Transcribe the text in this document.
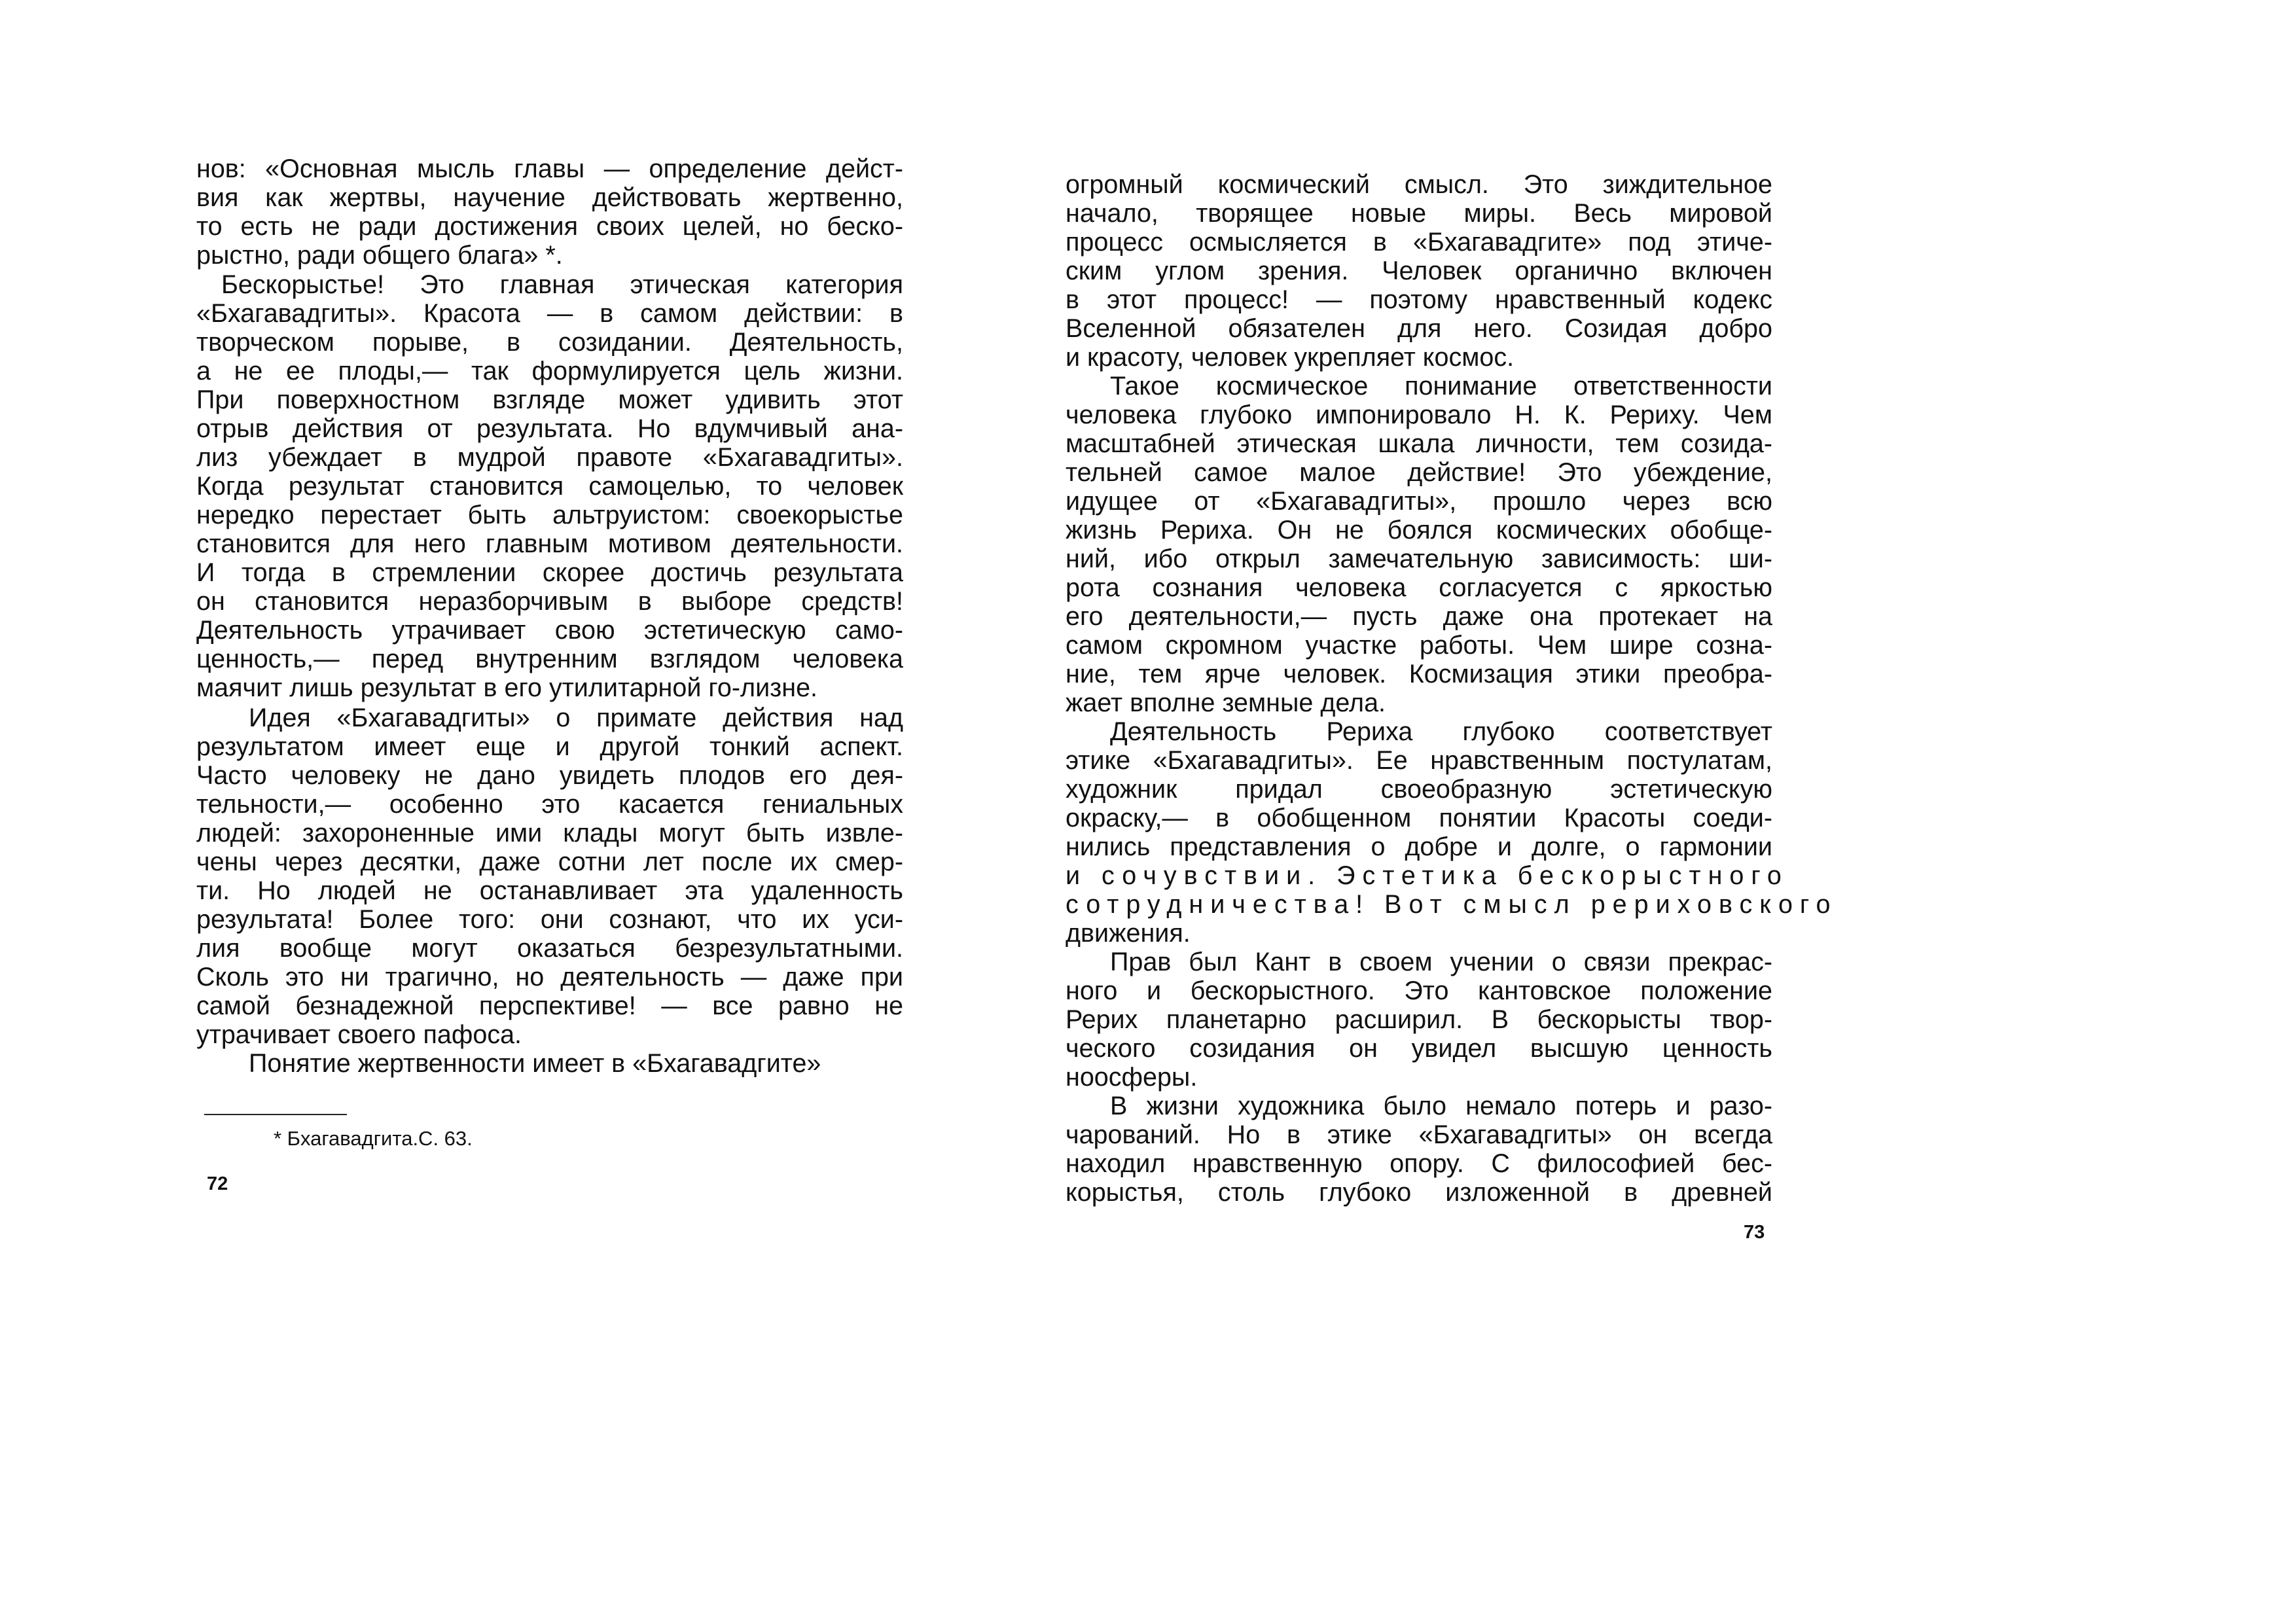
нов: «Основная мысль главы — определение дейст-
вия как жертвы, научение действовать жертвенно,
то есть не ради достижения своих целей, но беско-
рыстно, ради общего блага» *.
Бескорыстье! Это главная этическая категория
«Бхагавадгиты». Красота — в самом действии: в
творческом порыве, в созидании. Деятельность,
а не ее плоды,— так формулируется цель жизни.
При поверхностном взгляде может удивить этот
отрыв действия от результата. Но вдумчивый ана-
лиз убеждает в мудрой правоте «Бхагавадгиты».
Когда результат становится самоцелью, то человек
нередко перестает быть альтруистом: своекорыстье
становится для него главным мотивом деятельности.
И тогда в стремлении скорее достичь результата
он становится неразборчивым в выборе средств!
Деятельность утрачивает свою эстетическую само-
ценность,— перед внутренним взглядом человека
маячит лишь результат в его утилитарной го-лизне.
Идея «Бхагавадгиты» о примате действия над
результатом имеет еще и другой тонкий аспект.
Часто человеку не дано увидеть плодов его дея-
тельности,— особенно это касается гениальных
людей: захороненные ими клады могут быть извле-
чены через десятки, даже сотни лет после их смер-
ти. Но людей не останавливает эта удаленность
результата! Более того: они сознают, что их уси-
лия вообще могут оказаться безрезультатными.
Сколь это ни трагично, но деятельность — даже при
самой безнадежной перспективе! — все равно не
утрачивает своего пафоса.
Понятие жертвенности имеет в «Бхагавадгите»
огромный космический смысл. Это зиждительное
начало, творящее новые миры. Весь мировой
процесс осмысляется в «Бхагавадгите» под этиче-
ским углом зрения. Человек органично включен
в этот процесс! — поэтому нравственный кодекс
Вселенной обязателен для него. Созидая добро
и красоту, человек укрепляет космос.
Такое космическое понимание ответственности
человека глубоко импонировало Н. К. Рериху. Чем
масштабней этическая шкала личности, тем созида-
тельней самое малое действие! Это убеждение,
идущее от «Бхагавадгиты», прошло через всю
жизнь Рериха. Он не боялся космических обобще-
ний, ибо открыл замечательную зависимость: ши-
рота сознания человека согласуется с яркостью
его деятельности,— пусть даже она протекает на
самом скромном участке работы. Чем шире созна-
ние, тем ярче человек. Космизация этики преобра-
жает вполне земные дела.
Деятельность Рериха глубоко соответствует
этике «Бхагавадгиты». Ее нравственным постулатам,
художник придал своеобразную эстетическую
окраску,— в обобщенном понятии Красоты соеди-
нились представления о добре и долге, о гармонии
и сочувствии. Эстетика бескорыстного
сотрудничества! Вот смысл рериховского
движения.
Прав был Кант в своем учении о связи прекрас-
ного и бескорыстного. Это кантовское положение
Рерих планетарно расширил. В бескорысты твор-
ческого созидания он увидел высшую ценность
ноосферы.
В жизни художника было немало потерь и разо-
чарований. Но в этике «Бхагавадгиты» он всегда
находил нравственную опору. С философией бес-
корыстья, столь глубоко изложенной в древней
* Бхагавадгита.С. 63.
72
73
